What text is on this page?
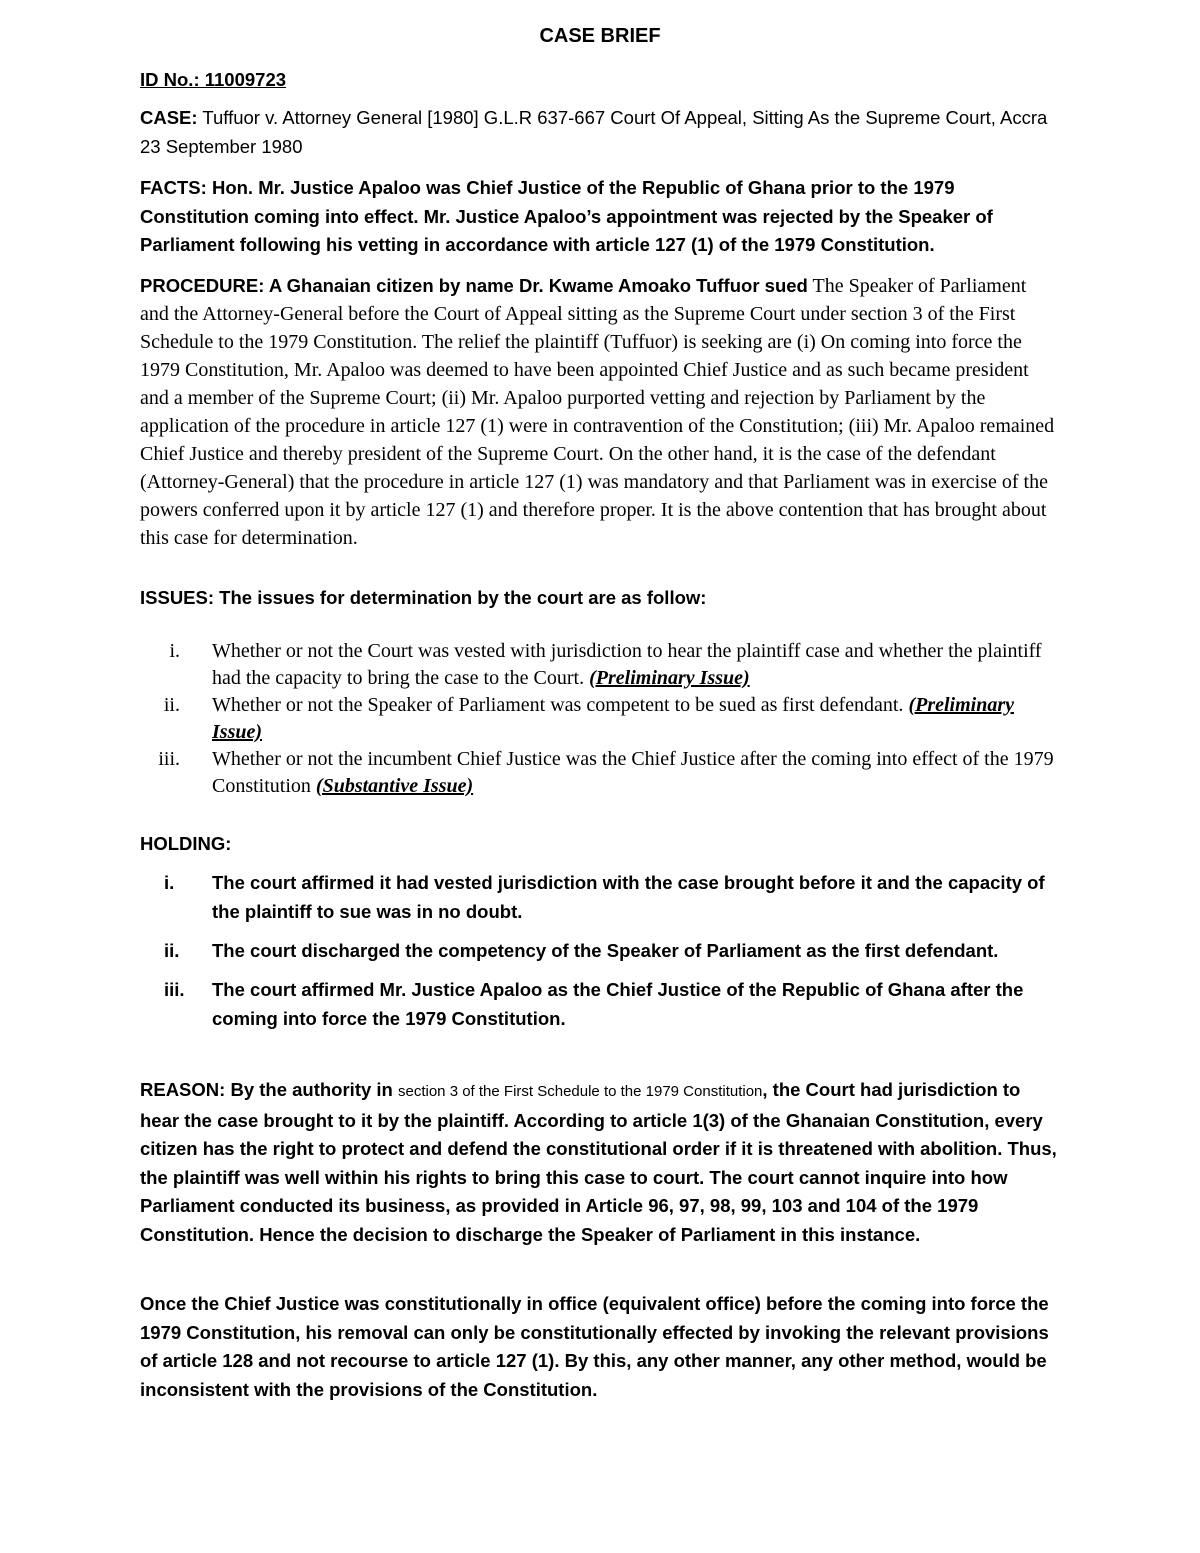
CASE BRIEF
ID No.: 11009723
CASE: Tuffuor v. Attorney General [1980] G.L.R 637-667 Court Of Appeal, Sitting As the Supreme Court, Accra 23 September 1980
FACTS: Hon. Mr. Justice Apaloo was Chief Justice of the Republic of Ghana prior to the 1979 Constitution coming into effect. Mr. Justice Apaloo’s appointment was rejected by the Speaker of Parliament following his vetting in accordance with article 127 (1) of the 1979 Constitution.
PROCEDURE: A Ghanaian citizen by name Dr. Kwame Amoako Tuffuor sued The Speaker of Parliament and the Attorney-General before the Court of Appeal sitting as the Supreme Court under section 3 of the First Schedule to the 1979 Constitution. The relief the plaintiff (Tuffuor) is seeking are (i) On coming into force the 1979 Constitution, Mr. Apaloo was deemed to have been appointed Chief Justice and as such became president and a member of the Supreme Court; (ii) Mr. Apaloo purported vetting and rejection by Parliament by the application of the procedure in article 127 (1) were in contravention of the Constitution; (iii) Mr. Apaloo remained Chief Justice and thereby president of the Supreme Court. On the other hand, it is the case of the defendant (Attorney-General) that the procedure in article 127 (1) was mandatory and that Parliament was in exercise of the powers conferred upon it by article 127 (1) and therefore proper. It is the above contention that has brought about this case for determination.
ISSUES: The issues for determination by the court are as follow:
i. Whether or not the Court was vested with jurisdiction to hear the plaintiff case and whether the plaintiff had the capacity to bring the case to the Court. (Preliminary Issue)
ii. Whether or not the Speaker of Parliament was competent to be sued as first defendant. (Preliminary Issue)
iii. Whether or not the incumbent Chief Justice was the Chief Justice after the coming into effect of the 1979 Constitution (Substantive Issue)
HOLDING:
i.	The court affirmed it had vested jurisdiction with the case brought before it and the capacity of the plaintiff to sue was in no doubt.
ii.	The court discharged the competency of the Speaker of Parliament as the first defendant.
iii.	The court affirmed Mr. Justice Apaloo as the Chief Justice of the Republic of Ghana after the coming into force the 1979 Constitution.
REASON: By the authority in section 3 of the First Schedule to the 1979 Constitution, the Court had jurisdiction to hear the case brought to it by the plaintiff. According to article 1(3) of the Ghanaian Constitution, every citizen has the right to protect and defend the constitutional order if it is threatened with abolition. Thus, the plaintiff was well within his rights to bring this case to court. The court cannot inquire into how Parliament conducted its business, as provided in Article 96, 97, 98, 99, 103 and 104 of the 1979 Constitution. Hence the decision to discharge the Speaker of Parliament in this instance.
Once the Chief Justice was constitutionally in office (equivalent office) before the coming into force the 1979 Constitution, his removal can only be constitutionally effected by invoking the relevant provisions of article 128 and not recourse to article 127 (1). By this, any other manner, any other method, would be inconsistent with the provisions of the Constitution.
